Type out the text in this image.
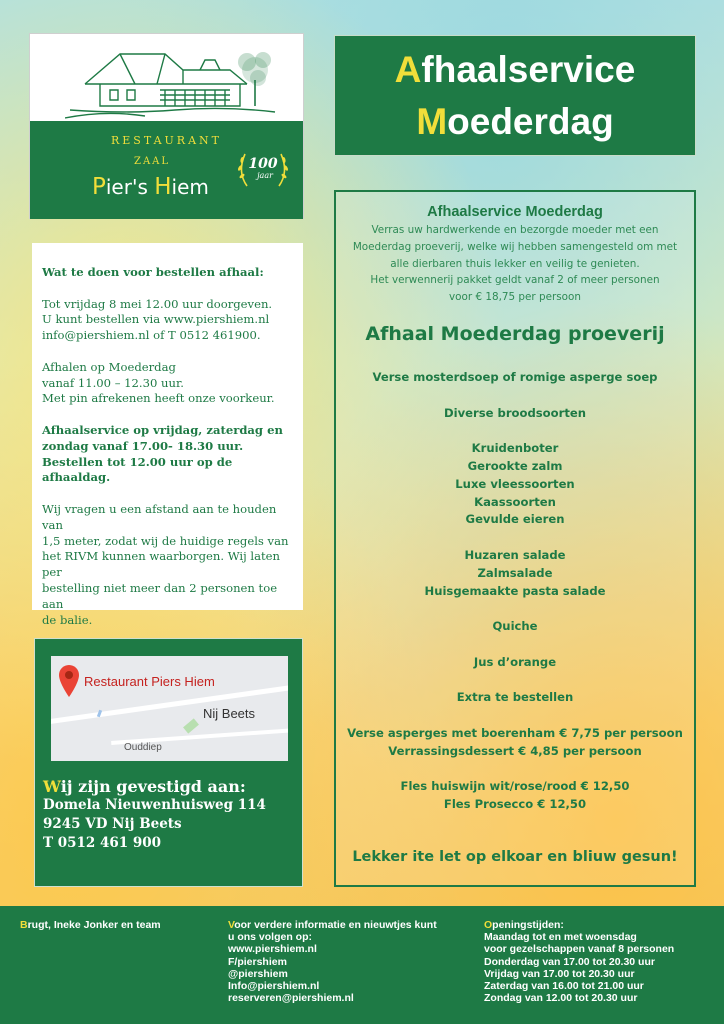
RESTAURANT
ZAAL
Pier's Hiem
100
jaar
Afhaalservice
Moederdag

Wat te doen voor bestellen afhaal:

Tot vrijdag 8 mei 12.00 uur doorgeven.
U kunt bestellen via www.piershiem.nl
info@piershiem.nl of T 0512 461900.

Afhalen op Moederdag
vanaf 11.00 – 12.30 uur.
Met pin afrekenen heeft onze voorkeur.

Afhaalservice op vrijdag, zaterdag en
zondag vanaf 17.00- 18.30 uur.
Bestellen tot 12.00 uur op de afhaaldag.

Wij vragen u een afstand aan te houden van
1,5 meter, zodat wij de huidige regels van
het RIVM kunnen waarborgen. Wij laten per
bestelling niet meer dan 2 personen toe aan
de balie.

Restaurant Piers Hiem
Nij Beets
Ouddiep
Wij zijn gevestigd aan:
Domela Nieuwenhuisweg 114
9245 VD Nij Beets
T 0512 461 900
Afhaalservice Moederdag
Verras uw hardwerkende en bezorgde moeder met een
Moederdag proeverij, welke wij hebben samengesteld om met
alle dierbaren thuis lekker en veilig te genieten.
Het verwennerij pakket geldt vanaf 2 of meer personen
voor € 18,75 per persoon
Afhaal Moederdag proeverij
Verse mosterdsoep of romige asperge soep
Diverse broodsoorten
Kruidenboter
Gerookte zalm
Luxe vleessoorten
Kaassoorten
Gevulde eieren
Huzaren salade
Zalmsalade
Huisgemaakte pasta salade
Quiche
Jus d’orange
Extra te bestellen
Verse asperges met boerenham € 7,75 per persoon
Verrassingsdessert € 4,85 per persoon
Fles huiswijn wit/rose/rood € 12,50
Fles Prosecco € 12,50
Lekker ite let op elkoar en bliuw gesun!
Brugt, Ineke Jonker en team	Voor verdere informatie en nieuwtjes kunt
u ons volgen op:
www.piershiem.nl
F/piershiem
@piershiem
Info@piershiem.nl
reserveren@piershiem.nl
Openingstijden:
Maandag tot en met woensdag
voor gezelschappen vanaf 8 personen
Donderdag van 17.00 tot 20.30 uur
Vrijdag van 17.00 tot 20.30 uur
Zaterdag van 16.00 tot 21.00 uur
Zondag van 12.00 tot 20.30 uur
